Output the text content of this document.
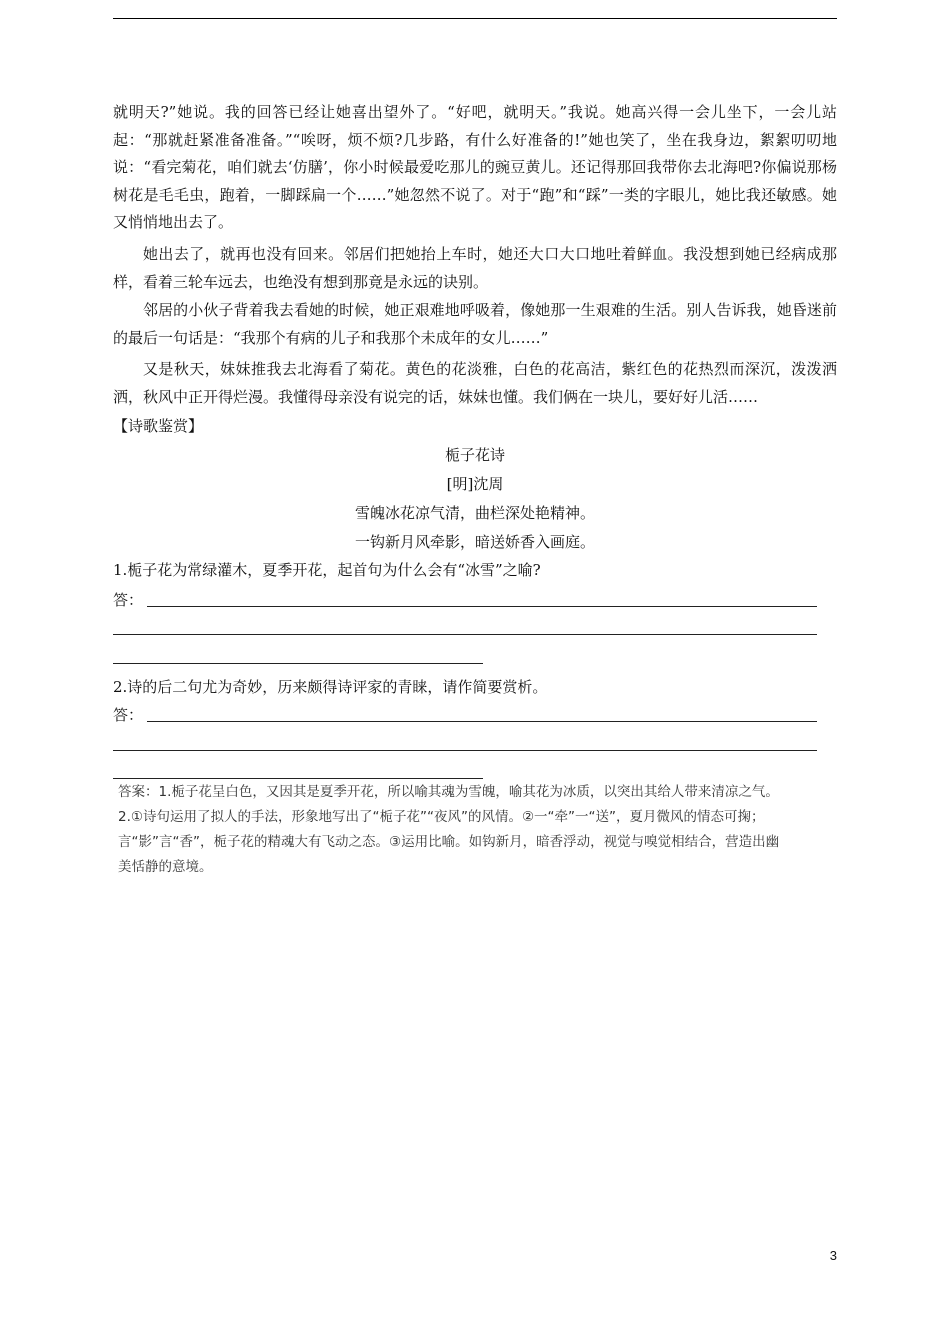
就明天?”她说。我的回答已经让她喜出望外了。“好吧，就明天。”我说。她高兴得一会儿坐下，一会儿站起：“那就赶紧准备准备。”“唉呀，烦不烦?几步路，有什么好准备的!”她也笑了，坐在我身边，絮絮叨叨地说：“看完菊花，咱们就去‘仿膳’，你小时候最爱吃那儿的豌豆黄儿。还记得那回我带你去北海吧?你偏说那杨树花是毛毛虫，跑着，一脚踩扁一个……”她忽然不说了。对于“跑”和“踩”一类的字眼儿，她比我还敏感。她又悄悄地出去了。

她出去了，就再也没有回来。邻居们把她抬上车时，她还大口大口地吐着鲜血。我没想到她已经病成那样，看着三轮车远去，也绝没有想到那竟是永远的诀别。

邻居的小伙子背着我去看她的时候，她正艰难地呼吸着，像她那一生艰难的生活。别人告诉我，她昏迷前的最后一句话是：“我那个有病的儿子和我那个未成年的女儿……”

又是秋天，妹妹推我去北海看了菊花。黄色的花淡雅，白色的花高洁，紫红色的花热烈而深沉，泼泼洒洒，秋风中正开得烂漫。我懂得母亲没有说完的话，妹妹也懂。我们俩在一块儿，要好好儿活……

【诗歌鉴赏】

栀子花诗

[明]沈周

雪魄冰花凉气清，曲栏深处艳精神。

一钩新月风牵影，暗送娇香入画庭。

1.栀子花为常绿灌木，夏季开花，起首句为什么会有“冰雪”之喻?

答：

2.诗的后二句尤为奇妙，历来颇得诗评家的青睐，请作简要赏析。

答：

答案：1.栀子花呈白色，又因其是夏季开花，所以喻其魂为雪魄，喻其花为冰质，以突出其给人带来清凉之气。

2.①诗句运用了拟人的手法，形象地写出了“栀子花”“夜风”的风情。②一“牵”一“送”，夏月微风的情态可掬；言“影”言“香”，栀子花的精魂大有飞动之态。③运用比喻。如钩新月，暗香浮动，视觉与嗅觉相结合，营造出幽美恬静的意境。

3
